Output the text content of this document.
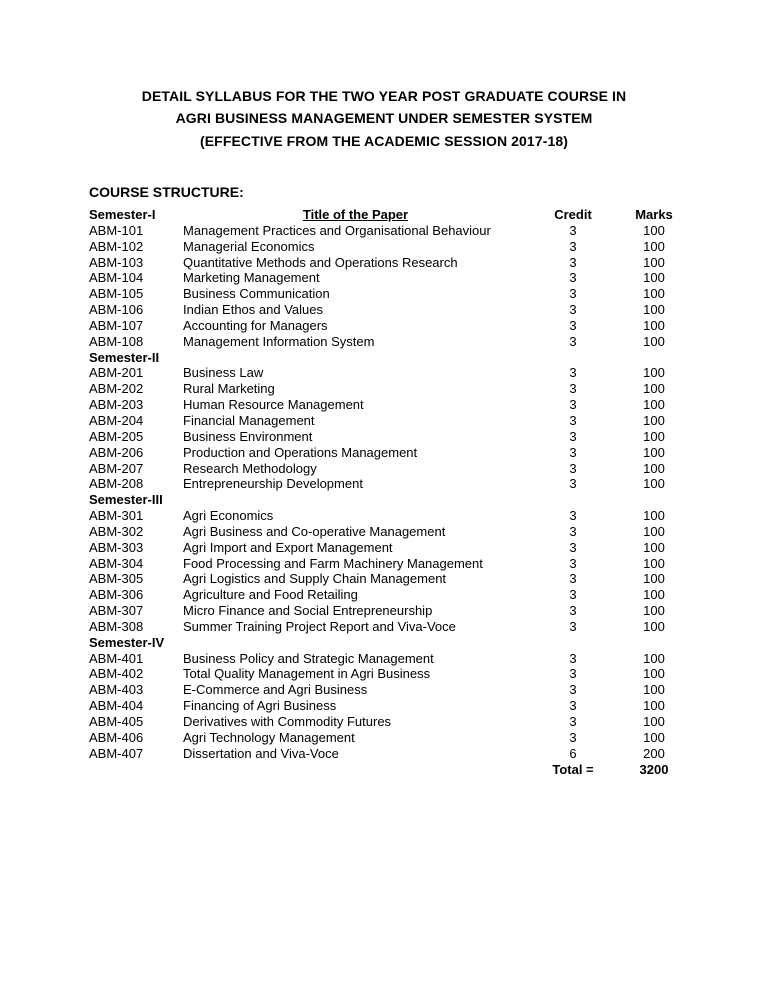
DETAIL SYLLABUS FOR THE TWO YEAR POST GRADUATE COURSE IN
AGRI BUSINESS MANAGEMENT UNDER SEMESTER SYSTEM
(EFFECTIVE FROM THE ACADEMIC SESSION 2017-18)
COURSE STRUCTURE:
Semester-I	Title of the Paper	Credit	Marks
ABM-101	Management Practices and Organisational Behaviour	3	100
ABM-102	Managerial Economics	3	100
ABM-103	Quantitative Methods and Operations Research	3	100
ABM-104	Marketing Management	3	100
ABM-105	Business Communication	3	100
ABM-106	Indian Ethos and Values	3	100
ABM-107	Accounting for Managers	3	100
ABM-108	Management Information System	3	100
Semester-II
ABM-201	Business Law	3	100
ABM-202	Rural Marketing	3	100
ABM-203	Human Resource Management	3	100
ABM-204	Financial Management	3	100
ABM-205	Business Environment	3	100
ABM-206	Production and Operations Management	3	100
ABM-207	Research Methodology	3	100
ABM-208	Entrepreneurship Development	3	100
Semester-III
ABM-301	Agri Economics	3	100
ABM-302	Agri Business and Co-operative Management	3	100
ABM-303	Agri Import and Export Management	3	100
ABM-304	Food Processing and Farm Machinery Management	3	100
ABM-305	Agri Logistics and Supply Chain Management	3	100
ABM-306	Agriculture and Food Retailing	3	100
ABM-307	Micro Finance and Social Entrepreneurship	3	100
ABM-308	Summer Training Project Report and Viva-Voce	3	100
Semester-IV
ABM-401	Business Policy and Strategic Management	3	100
ABM-402	Total Quality Management in Agri Business	3	100
ABM-403	E-Commerce and Agri Business	3	100
ABM-404	Financing of Agri Business	3	100
ABM-405	Derivatives with Commodity Futures	3	100
ABM-406	Agri Technology Management	3	100
ABM-407	Dissertation and Viva-Voce	6	200
Total =	3200
